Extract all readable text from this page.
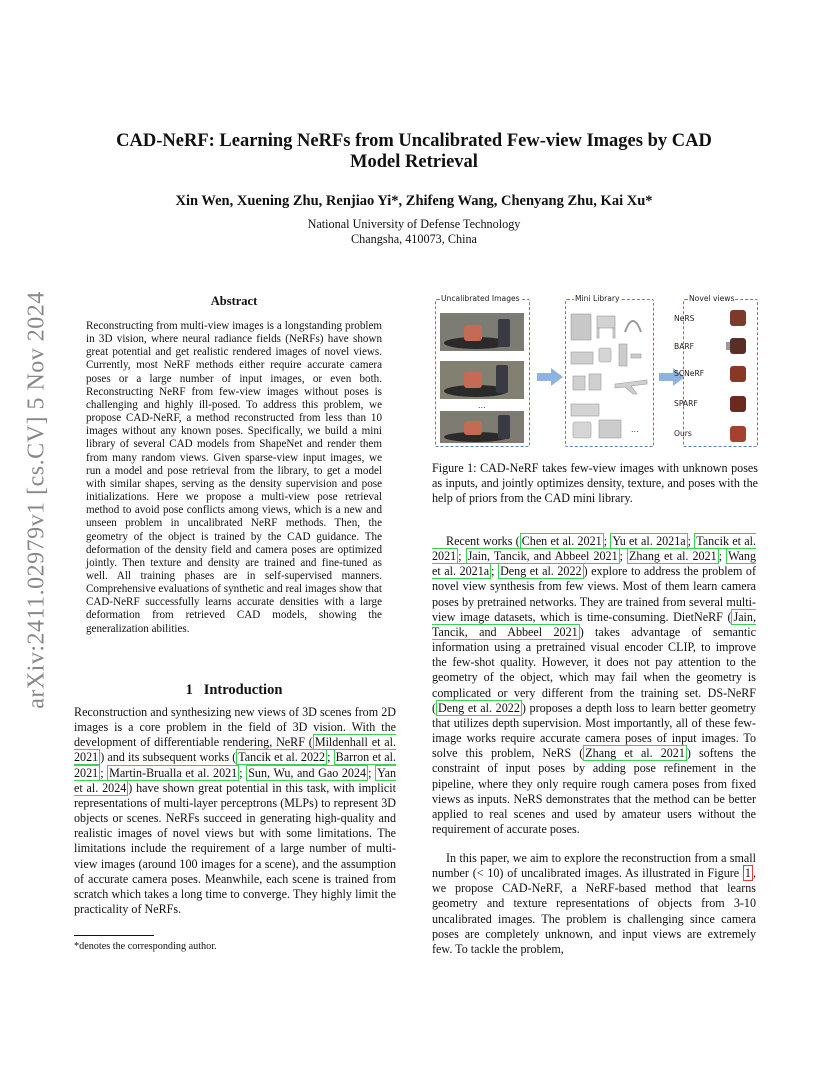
arXiv:2411.02979v1 [cs.CV] 5 Nov 2024
CAD-NeRF: Learning NeRFs from Uncalibrated Few-view Images by CAD Model Retrieval
Xin Wen, Xuening Zhu, Renjiao Yi*, Zhifeng Wang, Chenyang Zhu, Kai Xu*
National University of Defense Technology
Changsha, 410073, China
Abstract
Reconstructing from multi-view images is a longstanding problem in 3D vision, where neural radiance fields (NeRFs) have shown great potential and get realistic rendered images of novel views. Currently, most NeRF methods either require accurate camera poses or a large number of input images, or even both. Reconstructing NeRF from few-view images without poses is challenging and highly ill-posed. To address this problem, we propose CAD-NeRF, a method reconstructed from less than 10 images without any known poses. Specifically, we build a mini library of several CAD models from ShapeNet and render them from many random views. Given sparse-view input images, we run a model and pose retrieval from the library, to get a model with similar shapes, serving as the density supervision and pose initializations. Here we propose a multi-view pose retrieval method to avoid pose conflicts among views, which is a new and unseen problem in uncalibrated NeRF methods. Then, the geometry of the object is trained by the CAD guidance. The deformation of the density field and camera poses are optimized jointly. Then texture and density are trained and fine-tuned as well. All training phases are in self-supervised manners. Comprehensive evaluations of synthetic and real images show that CAD-NeRF successfully learns accurate densities with a large deformation from retrieved CAD models, showing the generalization abilities.
1 Introduction
Reconstruction and synthesizing new views of 3D scenes from 2D images is a core problem in the field of 3D vision. With the development of differentiable rendering, NeRF ( Mildenhall et al. 2021 ) and its subsequent works ( Tancik et al. 2022 ; Barron et al. 2021 ; Martin-Brualla et al. 2021 ; Sun, Wu, and Gao 2024 ; Yan et al. 2024 ) have shown great potential in this task, with implicit representations of multi-layer perceptrons (MLPs) to represent 3D objects or scenes. NeRFs succeed in generating high-quality and realistic images of novel views but with some limitations. The limitations include the requirement of a large number of multi-view images (around 100 images for a scene), and the assumption of accurate camera poses. Meanwhile, each scene is trained from scratch which takes a long time to converge. They highly limit the practicality of NeRFs.
*denotes the corresponding author.
Uncalibrated Images
...
Mini Library
...
Novel views
NeRS
BARF
SCNeRF
SPARF
Ours
Figure 1: CAD-NeRF takes few-view images with unknown poses as inputs, and jointly optimizes density, texture, and poses with the help of priors from the CAD mini library.
Recent works ( Chen et al. 2021 ; Yu et al. 2021a ; Tancik et al. 2021 ; Jain, Tancik, and Abbeel 2021 ; Zhang et al. 2021 ; Wang et al. 2021a ; Deng et al. 2022 ) explore to address the problem of novel view synthesis from few views. Most of them learn camera poses by pretrained networks. They are trained from several multi-view image datasets, which is time-consuming. DietNeRF ( Jain, Tancik, and Abbeel 2021 ) takes advantage of semantic information using a pretrained visual encoder CLIP, to improve the few-shot quality. However, it does not pay attention to the geometry of the object, which may fail when the geometry is complicated or very different from the training set. DS-NeRF ( Deng et al. 2022 ) proposes a depth loss to learn better geometry that utilizes depth supervision. Most importantly, all of these few-image works require accurate camera poses of input images. To solve this problem, NeRS ( Zhang et al. 2021 ) softens the constraint of input poses by adding pose refinement in the pipeline, where they only require rough camera poses from fixed views as inputs. NeRS demonstrates that the method can be better applied to real scenes and used by amateur users without the requirement of accurate poses.
In this paper, we aim to explore the reconstruction from a small number (< 10) of uncalibrated images. As illustrated in Figure 1 , we propose CAD-NeRF, a NeRF-based method that learns geometry and texture representations of objects from 3-10 uncalibrated images. The problem is challenging since camera poses are completely unknown, and input views are extremely few. To tackle the problem,
